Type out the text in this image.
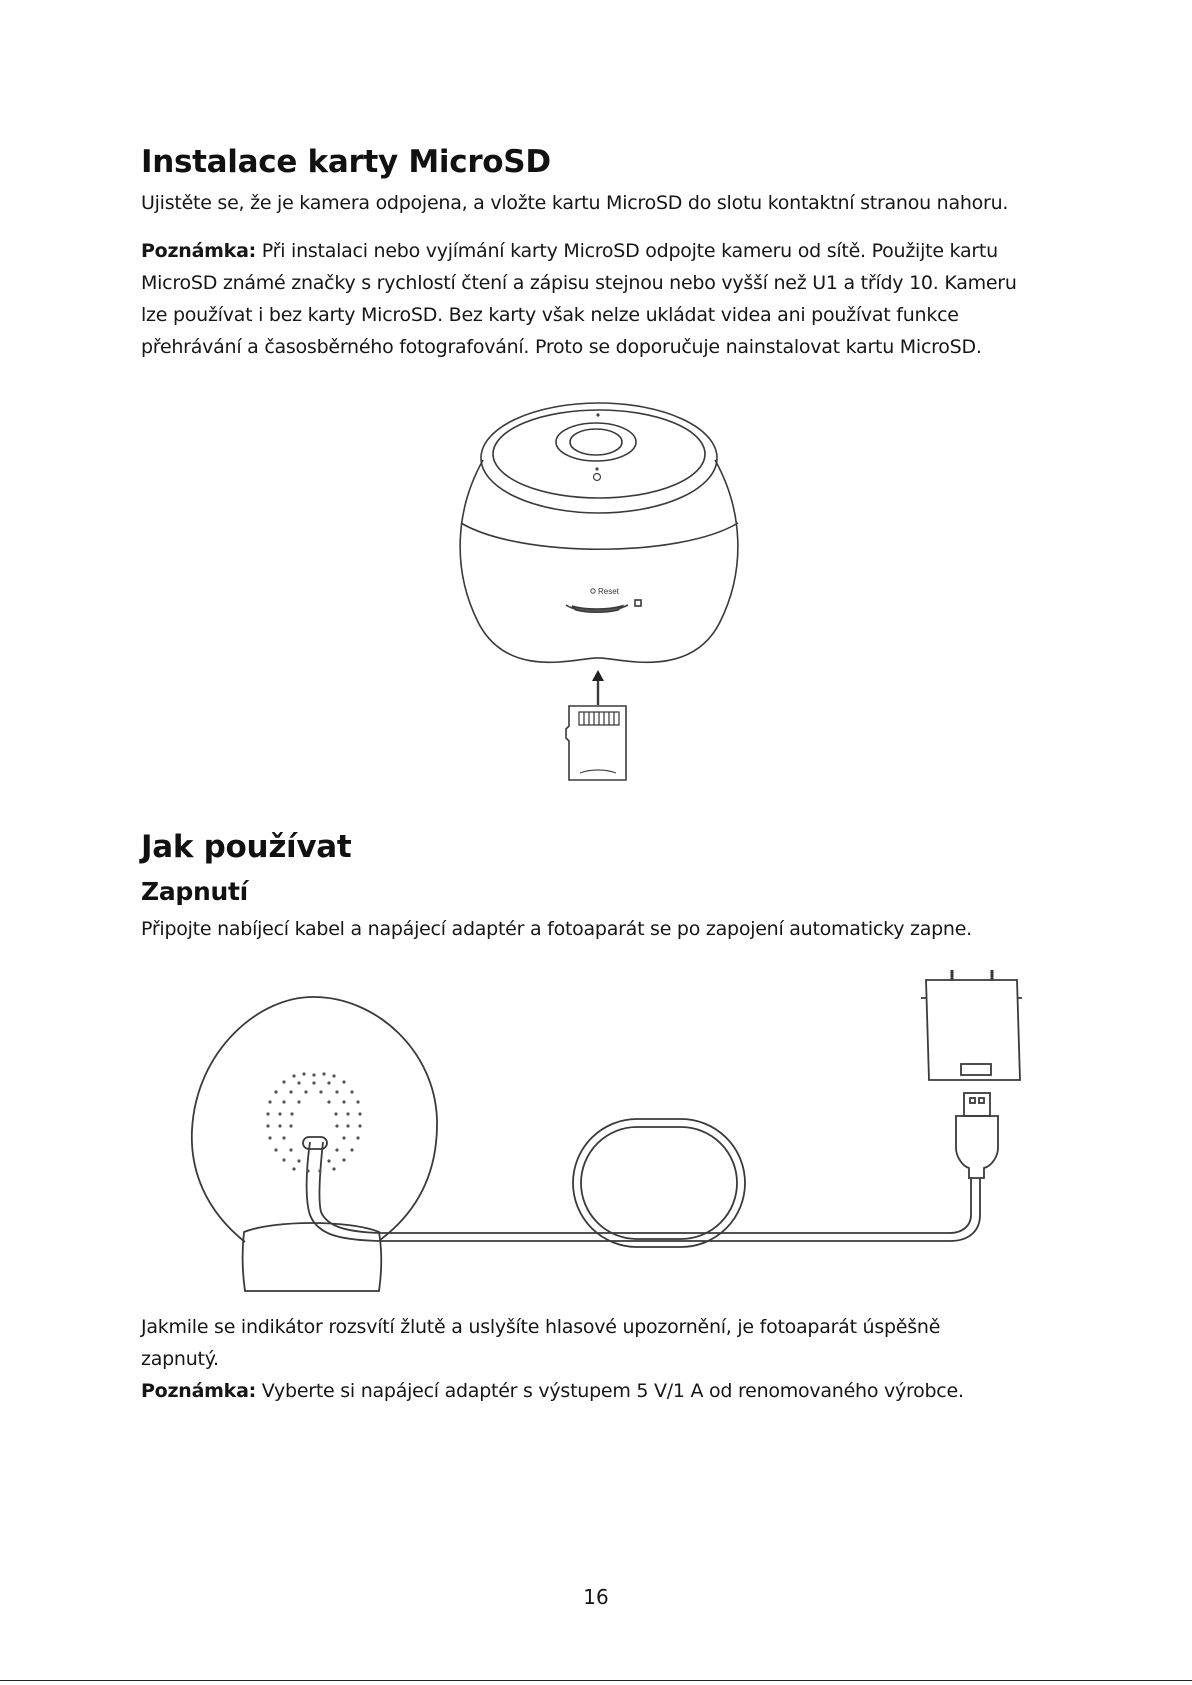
Instalace karty MicroSD

Ujistěte se, že je kamera odpojena, a vložte kartu MicroSD do slotu kontaktní stranou nahoru.

Poznámka: Při instalaci nebo vyjímání karty MicroSD odpojte kameru od sítě. Použijte kartu
MicroSD známé značky s rychlostí čtení a zápisu stejnou nebo vyšší než U1 a třídy 10. Kameru
lze používat i bez karty MicroSD. Bez karty však nelze ukládat videa ani používat funkce
přehrávání a časosběrného fotografování. Proto se doporučuje nainstalovat kartu MicroSD.

Reset
Jak používat
Zapnutí

Připojte nabíjecí kabel a napájecí adaptér a fotoaparát se po zapojení automaticky zapne.

Jakmile se indikátor rozsvítí žlutě a uslyšíte hlasové upozornění, je fotoaparát úspěšně
zapnutý.

Poznámka: Vyberte si napájecí adaptér s výstupem 5 V/1 A od renomovaného výrobce.

16
